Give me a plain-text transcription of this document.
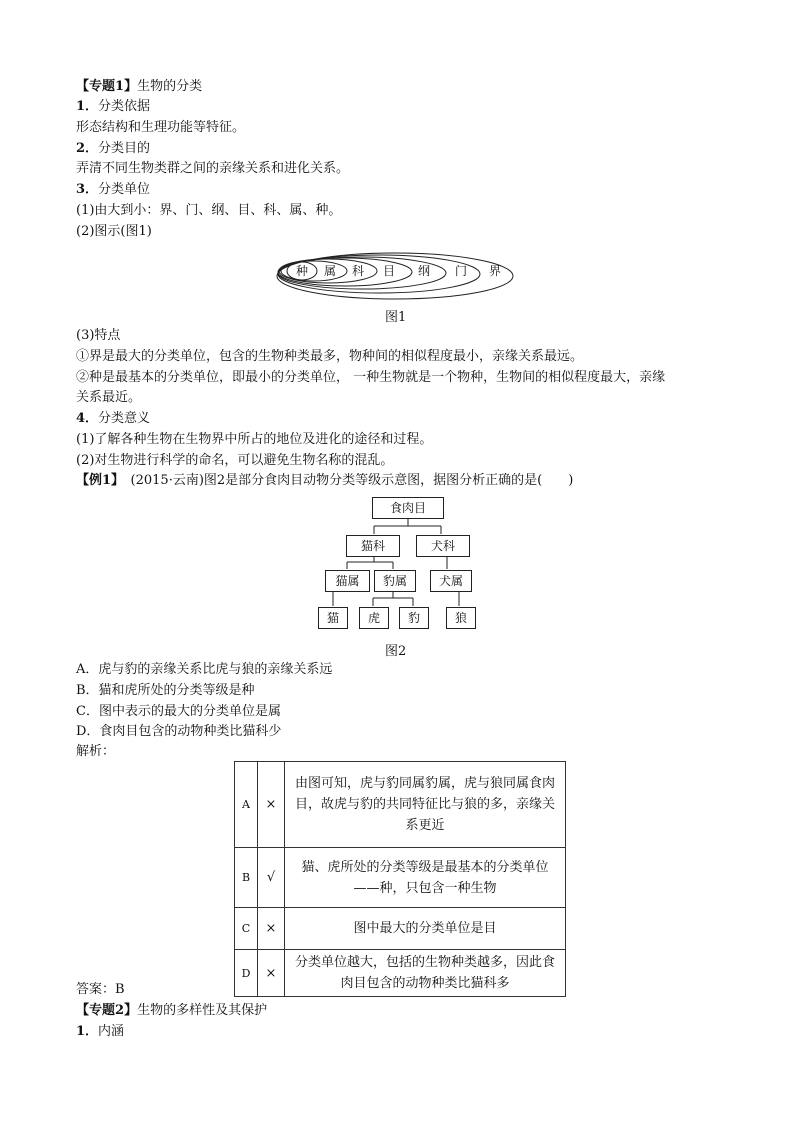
【专题1】生物的分类
1．分类依据
形态结构和生理功能等特征。
2．分类目的
弄清不同生物类群之间的亲缘关系和进化关系。
3．分类单位
(1)由大到小：界、门、纲、目、科、属、种。
(2)图示(图1)
种 属 科 目 纲 门 界
图1
(3)特点
①界是最大的分类单位，包含的生物种类最多，物种间的相似程度最小，亲缘关系最远。
②种是最基本的分类单位，即最小的分类单位， 一种生物就是一个物种，生物间的相似程度最大，亲缘
关系最近。
4．分类意义
(1)了解各种生物在生物界中所占的地位及进化的途径和过程。
(2)对生物进行科学的命名，可以避免生物名称的混乱。
【例1】　(2015·云南)图2是部分食肉目动物分类等级示意图，据图分析正确的是(　　)
食肉目
猫科	犬科
猫属	豹属	犬属
猫	虎	豹	狼
图2
A．虎与豹的亲缘关系比虎与狼的亲缘关系远
B．猫和虎所处的分类等级是种
C．图中表示的最大的分类单位是属
D．食肉目包含的动物种类比猫科少
解析：
A	×	由图可知，虎与豹同属豹属，虎与狼同属食肉目，故虎与豹的共同特征比与狼的多，亲缘关系更近
B	√	猫、虎所处的分类等级是最基本的分类单位——种，只包含一种生物
C	×	图中最大的分类单位是目
D	×	分类单位越大，包括的生物种类越多，因此食肉目包含的动物种类比猫科多
答案：B
【专题2】生物的多样性及其保护
1．内涵
